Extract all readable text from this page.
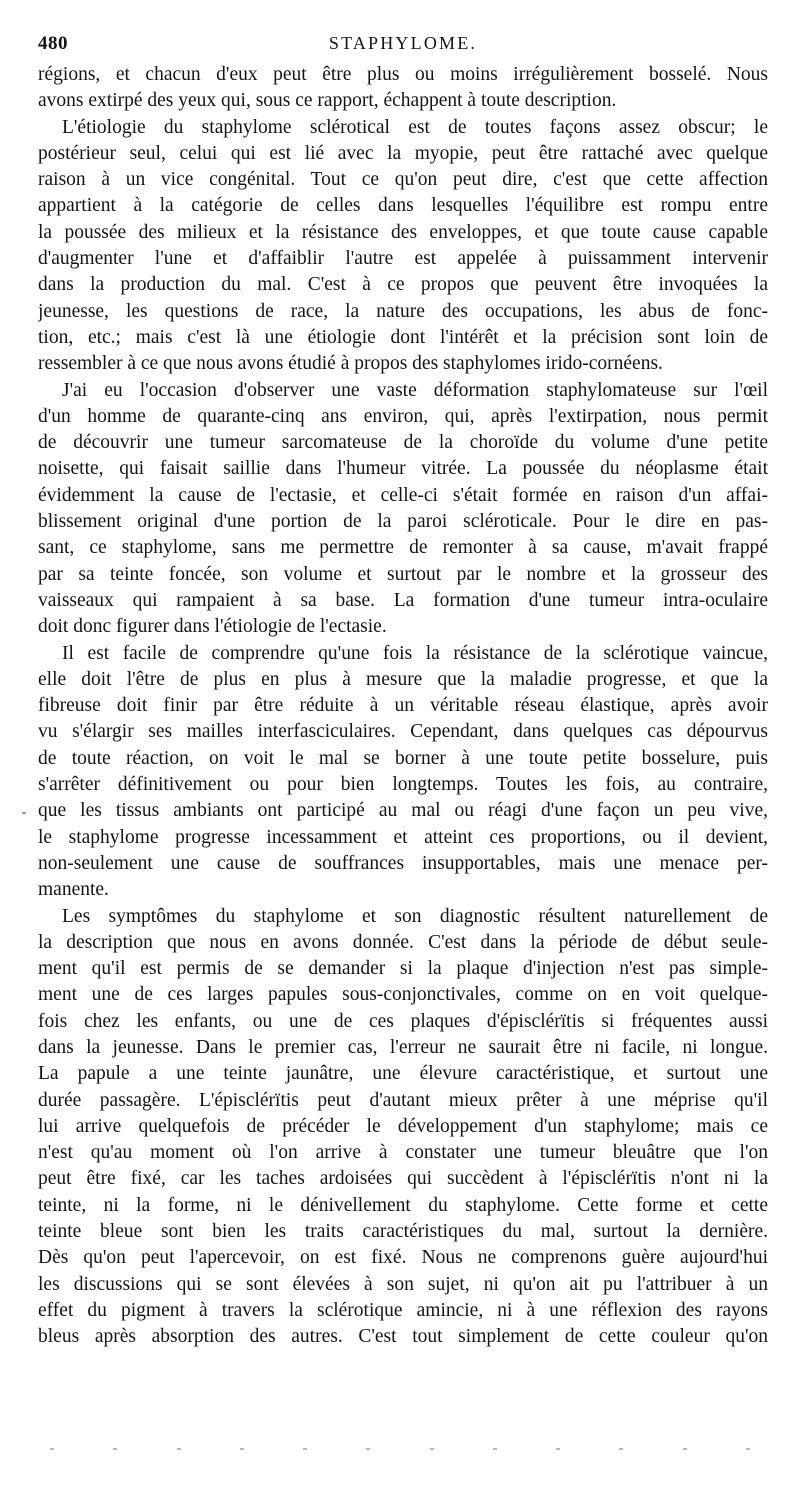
480	STAPHYLOME.
régions, et chacun d'eux peut être plus ou moins irrégulièrement bosselé. Nous
avons extirpé des yeux qui, sous ce rapport, échappent à toute description.
L'étiologie du staphylome sclérotical est de toutes façons assez obscur; le
postérieur seul, celui qui est lié avec la myopie, peut être rattaché avec quelque
raison à un vice congénital. Tout ce qu'on peut dire, c'est que cette affection
appartient à la catégorie de celles dans lesquelles l'équilibre est rompu entre
la poussée des milieux et la résistance des enveloppes, et que toute cause capable
d'augmenter l'une et d'affaiblir l'autre est appelée à puissamment intervenir
dans la production du mal. C'est à ce propos que peuvent être invoquées la
jeunesse, les questions de race, la nature des occupations, les abus de fonc-
tion, etc.; mais c'est là une étiologie dont l'intérêt et la précision sont loin de
ressembler à ce que nous avons étudié à propos des staphylomes irido-cornéens.
J'ai eu l'occasion d'observer une vaste déformation staphylomateuse sur l'œil
d'un homme de quarante-cinq ans environ, qui, après l'extirpation, nous permit
de découvrir une tumeur sarcomateuse de la choroïde du volume d'une petite
noisette, qui faisait saillie dans l'humeur vitrée. La poussée du néoplasme était
évidemment la cause de l'ectasie, et celle-ci s'était formée en raison d'un affai-
blissement original d'une portion de la paroi scléroticale. Pour le dire en pas-
sant, ce staphylome, sans me permettre de remonter à sa cause, m'avait frappé
par sa teinte foncée, son volume et surtout par le nombre et la grosseur des
vaisseaux qui rampaient à sa base. La formation d'une tumeur intra-oculaire
doit donc figurer dans l'étiologie de l'ectasie.
Il est facile de comprendre qu'une fois la résistance de la sclérotique vaincue,
elle doit l'être de plus en plus à mesure que la maladie progresse, et que la
fibreuse doit finir par être réduite à un véritable réseau élastique, après avoir
vu s'élargir ses mailles interfasciculaires. Cependant, dans quelques cas dépourvus
de toute réaction, on voit le mal se borner à une toute petite bosselure, puis
s'arrêter définitivement ou pour bien longtemps. Toutes les fois, au contraire,
que les tissus ambiants ont participé au mal ou réagi d'une façon un peu vive,
le staphylome progresse incessamment et atteint ces proportions, ou il devient,
non-seulement une cause de souffrances insupportables, mais une menace per-
manente.
Les symptômes du staphylome et son diagnostic résultent naturellement de
la description que nous en avons donnée. C'est dans la période de début seule-
ment qu'il est permis de se demander si la plaque d'injection n'est pas simple-
ment une de ces larges papules sous-conjonctivales, comme on en voit quelque-
fois chez les enfants, ou une de ces plaques d'épisclérïtis si fréquentes aussi
dans la jeunesse. Dans le premier cas, l'erreur ne saurait être ni facile, ni longue.
La papule a une teinte jaunâtre, une élevure caractéristique, et surtout une
durée passagère. L'épisclérïtis peut d'autant mieux prêter à une méprise qu'il
lui arrive quelquefois de précéder le développement d'un staphylome; mais ce
n'est qu'au moment où l'on arrive à constater une tumeur bleuâtre que l'on
peut être fixé, car les taches ardoisées qui succèdent à l'épisclérïtis n'ont ni la
teinte, ni la forme, ni le dénivellement du staphylome. Cette forme et cette
teinte bleue sont bien les traits caractéristiques du mal, surtout la dernière.
Dès qu'on peut l'apercevoir, on est fixé. Nous ne comprenons guère aujourd'hui
les discussions qui se sont élevées à son sujet, ni qu'on ait pu l'attribuer à un
effet du pigment à travers la sclérotique amincie, ni à une réflexion des rayons
bleus après absorption des autres. C'est tout simplement de cette couleur qu'on
